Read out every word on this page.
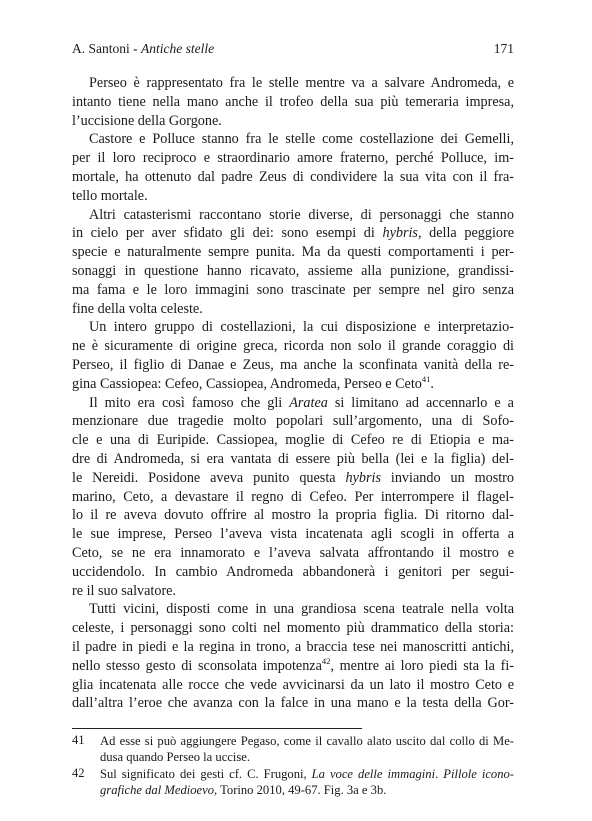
A. Santoni - Antiche stelle	171
Perseo è rappresentato fra le stelle mentre va a salvare Andromeda, e
intanto tiene nella mano anche il trofeo della sua più temeraria impresa,
l’uccisione della Gorgone.
Castore e Polluce stanno fra le stelle come costellazione dei Gemelli,
per il loro reciproco e straordinario amore fraterno, perché Polluce, im-
mortale, ha ottenuto dal padre Zeus di condividere la sua vita con il fra-
tello mortale.
Altri catasterismi raccontano storie diverse, di personaggi che stanno
in cielo per aver sfidato gli dei: sono esempi di hybris, della peggiore
specie e naturalmente sempre punita. Ma da questi comportamenti i per-
sonaggi in questione hanno ricavato, assieme alla punizione, grandissi-
ma fama e le loro immagini sono trascinate per sempre nel giro senza
fine della volta celeste.
Un intero gruppo di costellazioni, la cui disposizione e interpretazio-
ne è sicuramente di origine greca, ricorda non solo il grande coraggio di
Perseo, il figlio di Danae e Zeus, ma anche la sconfinata vanità della re-
gina Cassiopea: Cefeo, Cassiopea, Andromeda, Perseo e Ceto$^{41}$.
Il mito era così famoso che gli Aratea si limitano ad accennarlo e a
menzionare due tragedie molto popolari sull’argomento, una di Sofo-
cle e una di Euripide. Cassiopea, moglie di Cefeo re di Etiopia e ma-
dre di Andromeda, si era vantata di essere più bella (lei e la figlia) del-
le Nereidi. Posidone aveva punito questa hybris inviando un mostro
marino, Ceto, a devastare il regno di Cefeo. Per interrompere il flagel-
lo il re aveva dovuto offrire al mostro la propria figlia. Di ritorno dal-
le sue imprese, Perseo l’aveva vista incatenata agli scogli in offerta a
Ceto, se ne era innamorato e l’aveva salvata affrontando il mostro e
uccidendolo. In cambio Andromeda abbandonerà i genitori per segui-
re il suo salvatore.
Tutti vicini, disposti come in una grandiosa scena teatrale nella volta
celeste, i personaggi sono colti nel momento più drammatico della storia:
il padre in piedi e la regina in trono, a braccia tese nei manoscritti antichi,
nello stesso gesto di sconsolata impotenza$^{42}$, mentre ai loro piedi sta la fi-
glia incatenata alle rocce che vede avvicinarsi da un lato il mostro Ceto e
dall’altra l’eroe che avanza con la falce in una mano e la testa della Gor-
41 Ad esse si può aggiungere Pegaso, come il cavallo alato uscito dal collo di Me-
dusa quando Perseo la uccise.
42 Sul significato dei gesti cf. C. Frugoni, La voce delle immagini. Pillole icono-
grafiche dal Medioevo, Torino 2010, 49-67. Fig. 3a e 3b.
